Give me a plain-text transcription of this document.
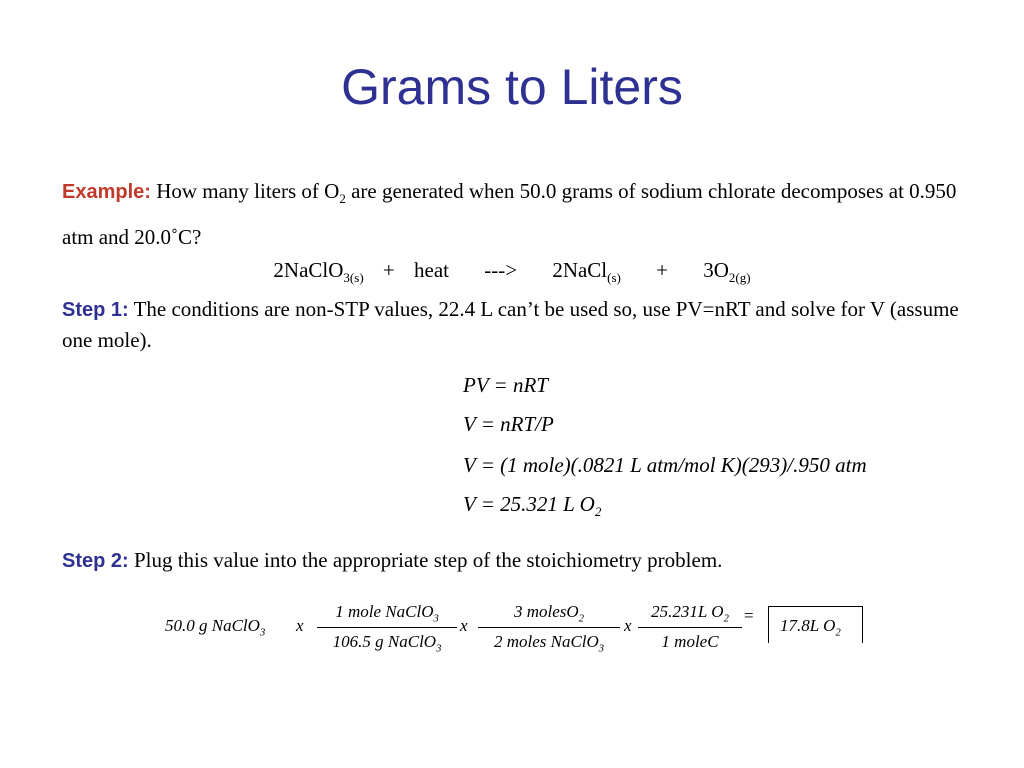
Grams to Liters
Example: How many liters of $O_2$ are generated when 50.0 grams of sodium chlorate decomposes at 0.950 atm and 20.0˚C?
2NaClO$_{3(s)}$ + heat ---> 2NaCl$_{(s)}$ + $3O_{2(g)}$
Step 1: The conditions are non-STP values, 22.4 L can’t be used so, use PV=nRT and solve for V (assume one mole).
PV = nRT
V = nRT/P
V = (1 mole)(.0821 L atm/mol K)(293)/.950 atm
V = 25.321 L $O_2$
Step 2: Plug this value into the appropriate step of the stoichiometry problem.
50.0 g NaClO$_3$ x
1 mole NaClO$_3$
106.5 g NaClO$_3$
x
3 molesO$_2$
2 moles NaClO$_3$
x
25.231L $O_2$
1 moleC
=
17.8L $O_2$
